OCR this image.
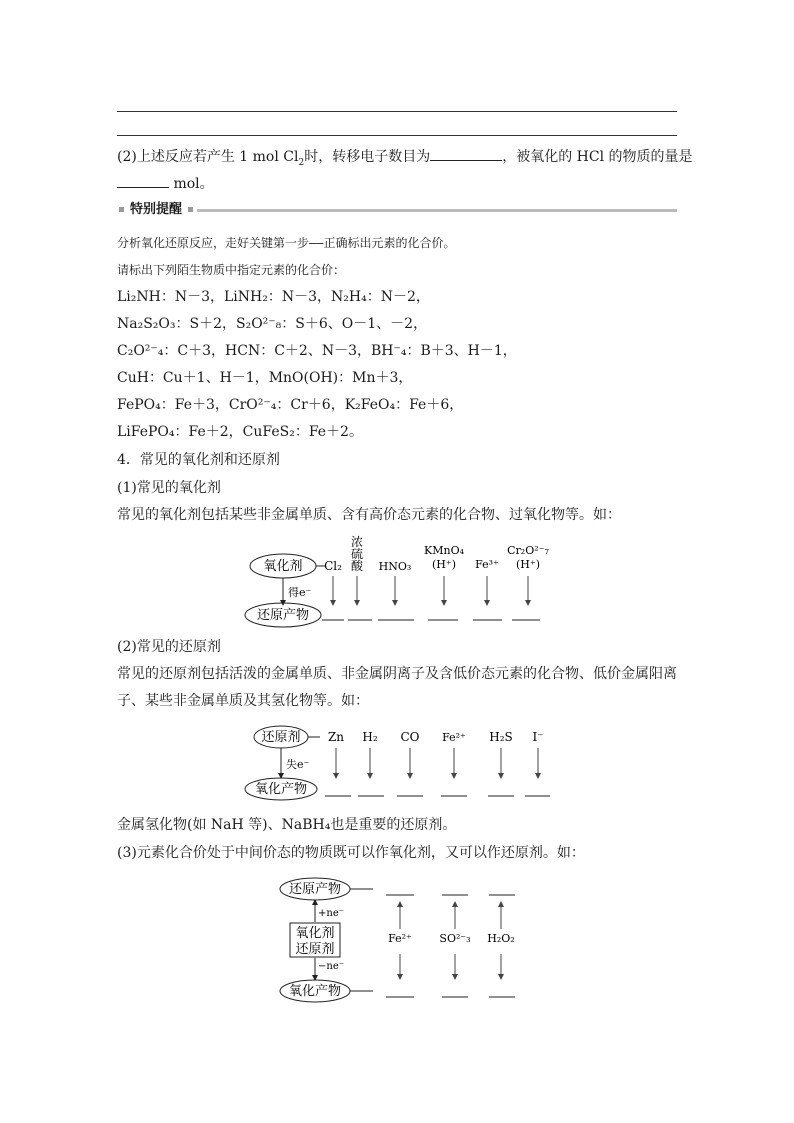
(2)上述反应若产生 1 mol $Cl_2$时，转移电子数目为	，被氧化的 HCl 的物质的量是
mol。
特别提醒
分析氧化还原反应，走好关键第一步——正确标出元素的化合价。
请标出下列陌生物质中指定元素的化合价：
Li₂NH：N－3，LiNH₂：N－3，N₂H₄：N－2，
Na₂S₂O₃：S＋2，S₂O²⁻₈：S＋6、O－1、－2，
C₂O²⁻₄：C＋3，HCN：C＋2、N－3，BH⁻₄：B＋3、H－1，
CuH：Cu＋1、H－1，MnO(OH)：Mn＋3，
FePO₄：Fe＋3，CrO²⁻₄：Cr＋6，K₂FeO₄：Fe＋6，
LiFePO₄：Fe＋2，CuFeS₂：Fe＋2。
4．常见的氧化剂和还原剂
(1)常见的氧化剂
常见的氧化剂包括某些非金属单质、含有高价态元素的化合物、过氧化物等。如：
氧化剂 Cl₂
浓
硫
酸 HNO₃
KMnO₄
(H⁺) Fe³⁺
Cr₂O²⁻₇
(H⁺)
得e⁻
还原产物
(2)常见的还原剂
常见的还原剂包括活泼的金属单质、非金属阴离子及含低价态元素的化合物、低价金属阳离
子、某些非金属单质及其氢化物等。如：
还原剂 Zn H₂ CO Fe²⁺ H₂S I⁻
失e⁻
氧化产物
金属氢化物(如 NaH 等)、NaBH₄也是重要的还原剂。
(3)元素化合价处于中间价态的物质既可以作氧化剂，又可以作还原剂。如：
还原产物
氧化剂
还原剂
+ne⁻
−ne⁻
氧化产物
Fe²⁺	SO²⁻₃ H₂O₂
